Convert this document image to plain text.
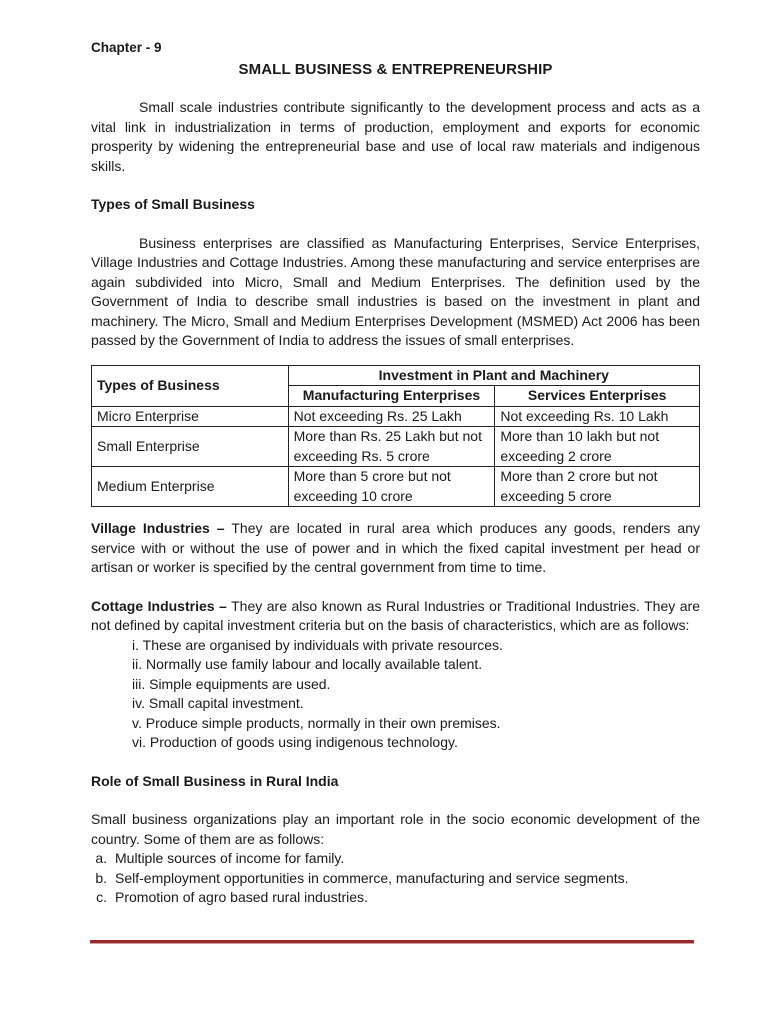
Chapter - 9
SMALL BUSINESS & ENTREPRENEURSHIP

Small scale industries contribute significantly to the development process and acts as a vital link in industrialization in terms of production, employment and exports for economic prosperity by widening the entrepreneurial base and use of local raw materials and indigenous skills.

Types of Small Business

Business enterprises are classified as Manufacturing Enterprises, Service Enterprises, Village Industries and Cottage Industries. Among these manufacturing and service enterprises are again subdivided into Micro, Small and Medium Enterprises. The definition used by the Government of India to describe small industries is based on the investment in plant and machinery. The Micro, Small and Medium Enterprises Development (MSMED) Act 2006 has been passed by the Government of India to address the issues of small enterprises.

Types of Business	Investment in Plant and Machinery	
	Manufacturing Enterprises	Services Enterprises
Micro Enterprise	Not exceeding Rs. 25 Lakh	Not exceeding Rs. 10 Lakh
Small Enterprise	More than Rs. 25 Lakh but not exceeding Rs. 5 crore	More than 10 lakh but not exceeding 2 crore
Medium Enterprise	More than 5 crore but not exceeding 10 crore	More than 2 crore but not exceeding 5 crore

Village Industries – They are located in rural area which produces any goods, renders any service with or without the use of power and in which the fixed capital investment per head or artisan or worker is specified by the central government from time to time.

Cottage Industries – They are also known as Rural Industries or Traditional Industries. They are not defined by capital investment criteria but on the basis of characteristics, which are as follows:

i. These are organised by individuals with private resources.
ii. Normally use family labour and locally available talent.
iii. Simple equipments are used.
iv. Small capital investment.
v. Produce simple products, normally in their own premises.
vi. Production of goods using indigenous technology.
Role of Small Business in Rural India

Small business organizations play an important role in the socio economic development of the country. Some of them are as follows:

a. Multiple sources of income for family.
b. Self-employment opportunities in commerce, manufacturing and service segments.
c. Promotion of agro based rural industries.
